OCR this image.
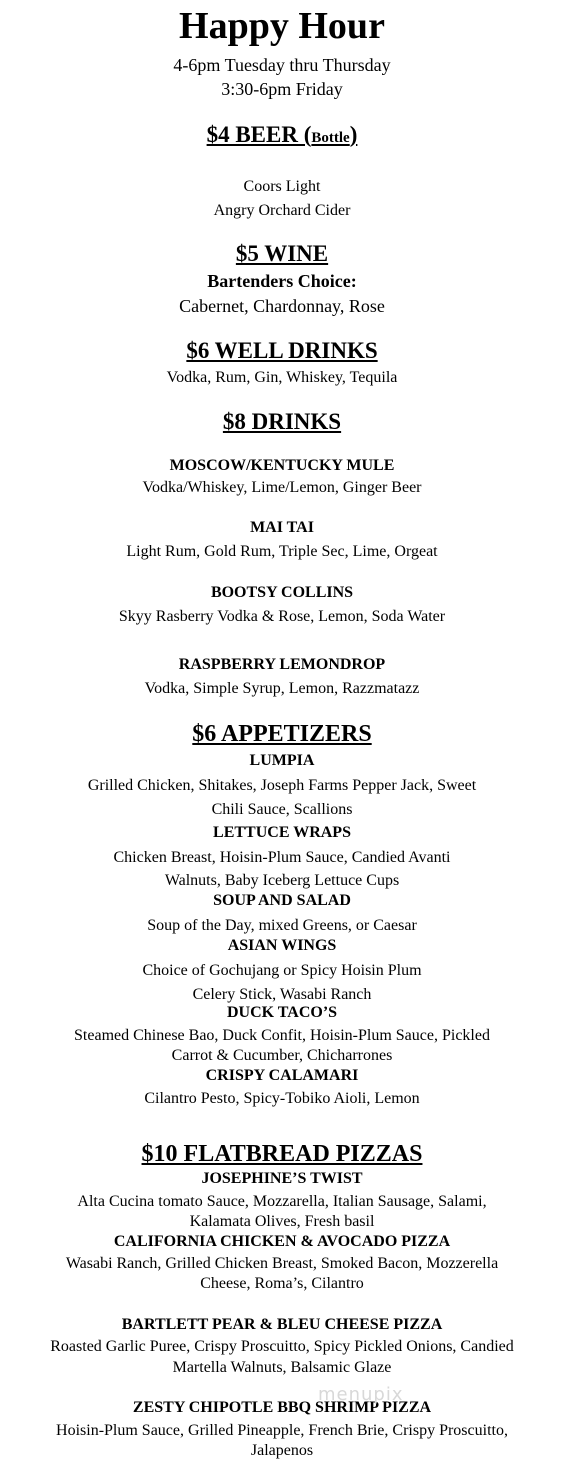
Happy Hour
4-6pm Tuesday thru Thursday
3:30-6pm Friday
$4 BEER (Bottle)
Coors Light
Angry Orchard Cider
$5 WINE
Bartenders Choice:
Cabernet, Chardonnay, Rose
$6 WELL DRINKS
Vodka, Rum, Gin, Whiskey, Tequila
$8 DRINKS
MOSCOW/KENTUCKY MULE
Vodka/Whiskey, Lime/Lemon, Ginger Beer
MAI TAI
Light Rum, Gold Rum, Triple Sec, Lime, Orgeat
BOOTSY COLLINS
Skyy Rasberry Vodka & Rose, Lemon, Soda Water
RASPBERRY LEMONDROP
Vodka, Simple Syrup, Lemon, Razzmatazz
$6 APPETIZERS
LUMPIA
Grilled Chicken, Shitakes, Joseph Farms Pepper Jack, Sweet
Chili Sauce, Scallions
LETTUCE WRAPS
Chicken Breast, Hoisin-Plum Sauce, Candied Avanti
Walnuts, Baby Iceberg Lettuce Cups
SOUP AND SALAD
Soup of the Day, mixed Greens, or Caesar
ASIAN WINGS
Choice of Gochujang or Spicy Hoisin Plum
Celery Stick, Wasabi Ranch
DUCK TACO’S
Steamed Chinese Bao, Duck Confit, Hoisin-Plum Sauce, Pickled
Carrot & Cucumber, Chicharrones
CRISPY CALAMARI
Cilantro Pesto, Spicy-Tobiko Aioli, Lemon
$10 FLATBREAD PIZZAS
JOSEPHINE’S TWIST
Alta Cucina tomato Sauce, Mozzarella, Italian Sausage, Salami,
Kalamata Olives, Fresh basil
CALIFORNIA CHICKEN & AVOCADO PIZZA
Wasabi Ranch, Grilled Chicken Breast, Smoked Bacon, Mozzerella
Cheese, Roma’s, Cilantro
BARTLETT PEAR & BLEU CHEESE PIZZA
Roasted Garlic Puree, Crispy Proscuitto, Spicy Pickled Onions, Candied
Martella Walnuts, Balsamic Glaze
ZESTY CHIPOTLE BBQ SHRIMP PIZZA
Hoisin-Plum Sauce, Grilled Pineapple, French Brie, Crispy Proscuitto,
Jalapenos
menupix
